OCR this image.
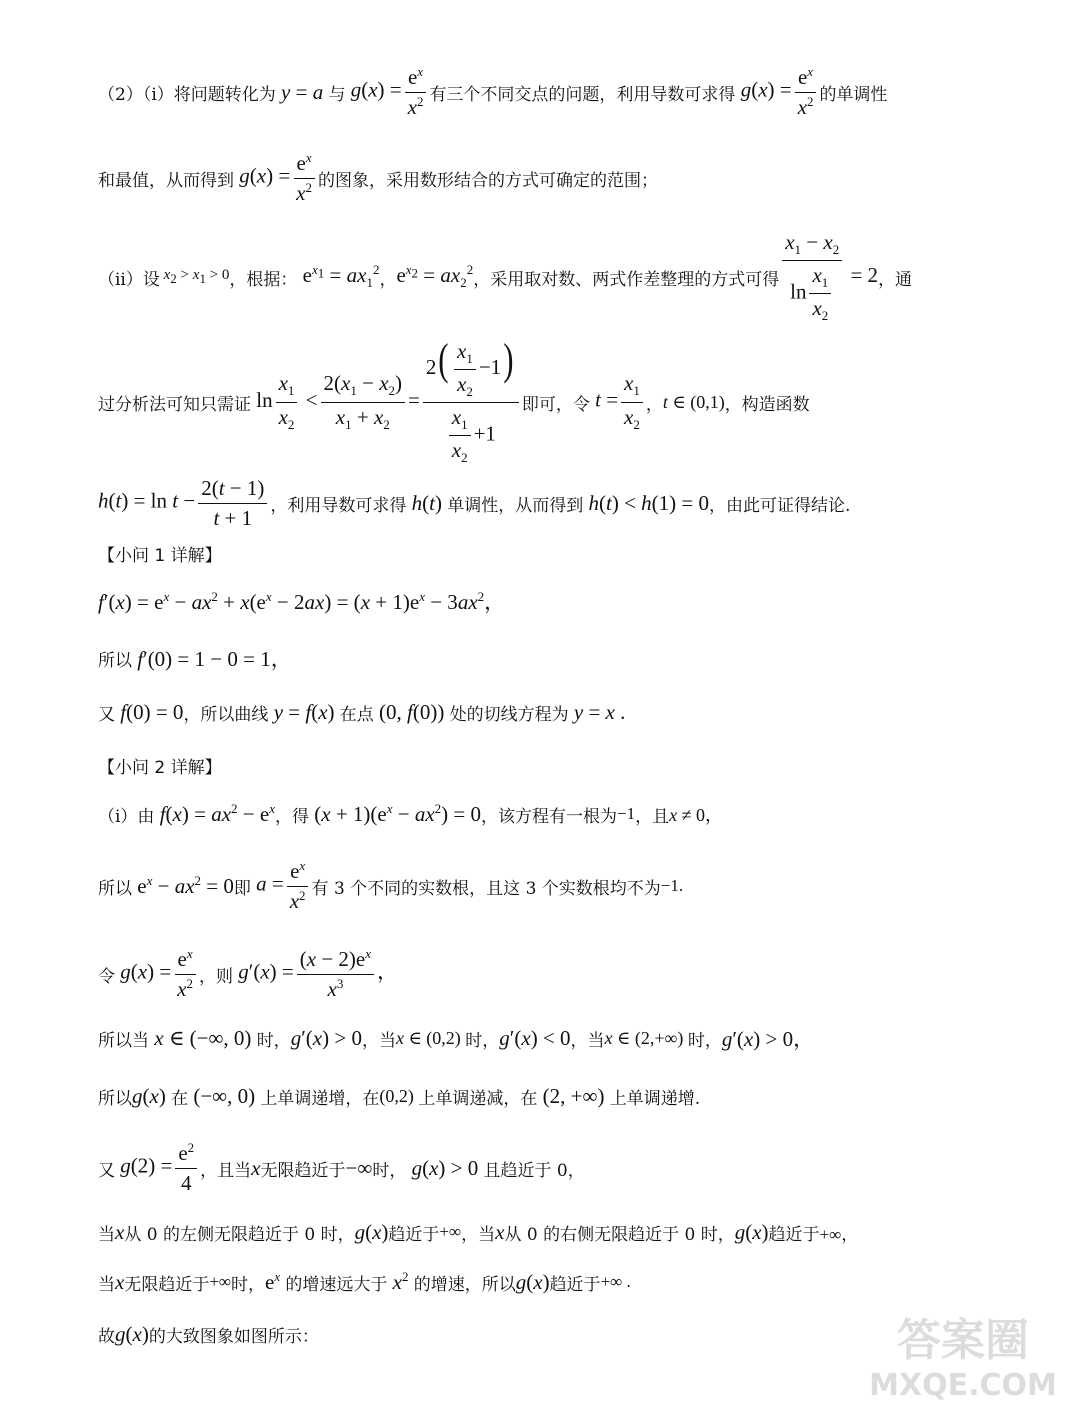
（2）（i） 将问题转化为 y = a 与 $g(x) = \frac{e^x}{x^2}$ 有三个不同交点的问题，利用导数可求得 $g(x) = \frac{e^x}{x^2}$ 的单调性
和最值，从而得到 $g(x) = \frac{e^x}{x^2}$ 的图象，采用数形结合的方式可确定的范围；
（ii）设 $x_2 > x_1 > 0$ ，根据： $e^{x_1} = ax_1^2$ ， $e^{x_2} = ax_2^2$ ，采用取对数、两式作差整理的方式可得 $\frac{x_1 - x_2}{\ln \frac{x_1}{x_2}} = 2$ ，通
过分析法可知只需证 $\ln \frac{x_1}{x_2} < \frac{2(x_1 - x_2)}{x_1 + x_2} = \frac{2( \frac{x_1}{x_2} -1)}{\frac{x_1}{x_2} +1}$ 即可，令 $t = \frac{x_1}{x_2}$ ， t ∈ (0,1) ，构造函数
$h(t) = \ln t - \frac{2(t - 1)}{t + 1}$ ，利用导数可求得 h(t) 单调性，从而得到 h(t) < h(1) = 0 ，由此可证得结论.
【小问 1 详解】
$f'(x) = e^x - ax^2 + x(e^x - 2ax) = (x + 1)e^x - 3ax^2$，
所以 f′(0) = 1 − 0 = 1，
又 f(0) = 0 ，所以曲线 y = f(x) 在点 (0, f(0)) 处的切线方程为 y = x .
【小问 2 详解】
（i）由 $f(x) = ax^2 - e^x$ ，得 $(x + 1)(e^x - ax^2) = 0$ ，该方程有一根为 −1 ，且 x ≠ 0，
所以 $e^x - ax^2 = 0$ 即 $a = \frac{e^x}{x^2}$ 有 3 个不同的实数根，且这 3 个实数根均不为 −1.
令 $g(x) = \frac{e^x}{x^2}$ ，则 $g'(x) = \frac{(x - 2)e^x}{x^3}$ ，
所以当 x ∈ (−∞, 0) 时， g′(x) > 0 ，当 x ∈ (0,2) 时， g′(x) < 0 ，当 x ∈ (2,+∞) 时， g′(x) > 0，
所以 g(x) 在 (−∞, 0) 上单调递增，在 (0,2) 上单调递减，在 (2, +∞) 上单调递增.
又 $g(2) = \frac{e^2}{4}$ ，且当 x 无限趋近于 −∞ 时， g(x) > 0 且趋近于 0，
当 x 从 0 的左侧无限趋近于 0 时， g(x) 趋近于 +∞ ，当 x 从 0 的右侧无限趋近于 0 时， g(x) 趋近于 +∞，
当 x 无限趋近于 +∞ 时， $e^x$ 的增速远大于 $x^2$ 的增速，所以 g(x) 趋近于 +∞ .
故 g(x) 的大致图象如图所示：	答案圈
MXQE.COM
